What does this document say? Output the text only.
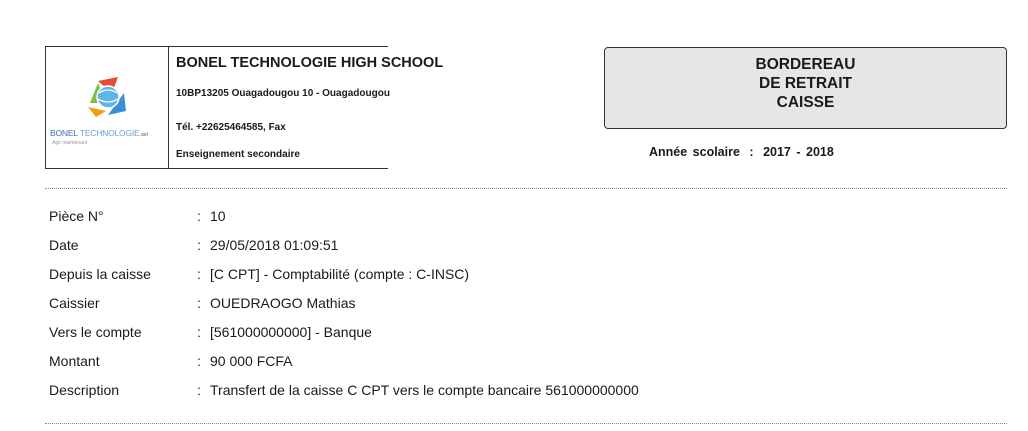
BONEL TECHNOLOGIEsarl
Agir maintenant
BONEL TECHNOLOGIE HIGH SCHOOL
10BP13205 Ouagadougou 10 - Ouagadougou
Tél. +22625464585, Fax
Enseignement secondaire
BORDEREAU
DE RETRAIT
CAISSE
Année scolaire : 2017 - 2018
Pièce N°	: 10
Date	: 29/05/2018 01:09:51
Depuis la caisse	: [C CPT] - Comptabilité (compte : C-INSC)
Caissier	: OUEDRAOGO Mathias
Vers le compte	: [561000000000] - Banque
Montant	: 90 000 FCFA
Description	: Transfert de la caisse C CPT vers le compte bancaire 561000000000
